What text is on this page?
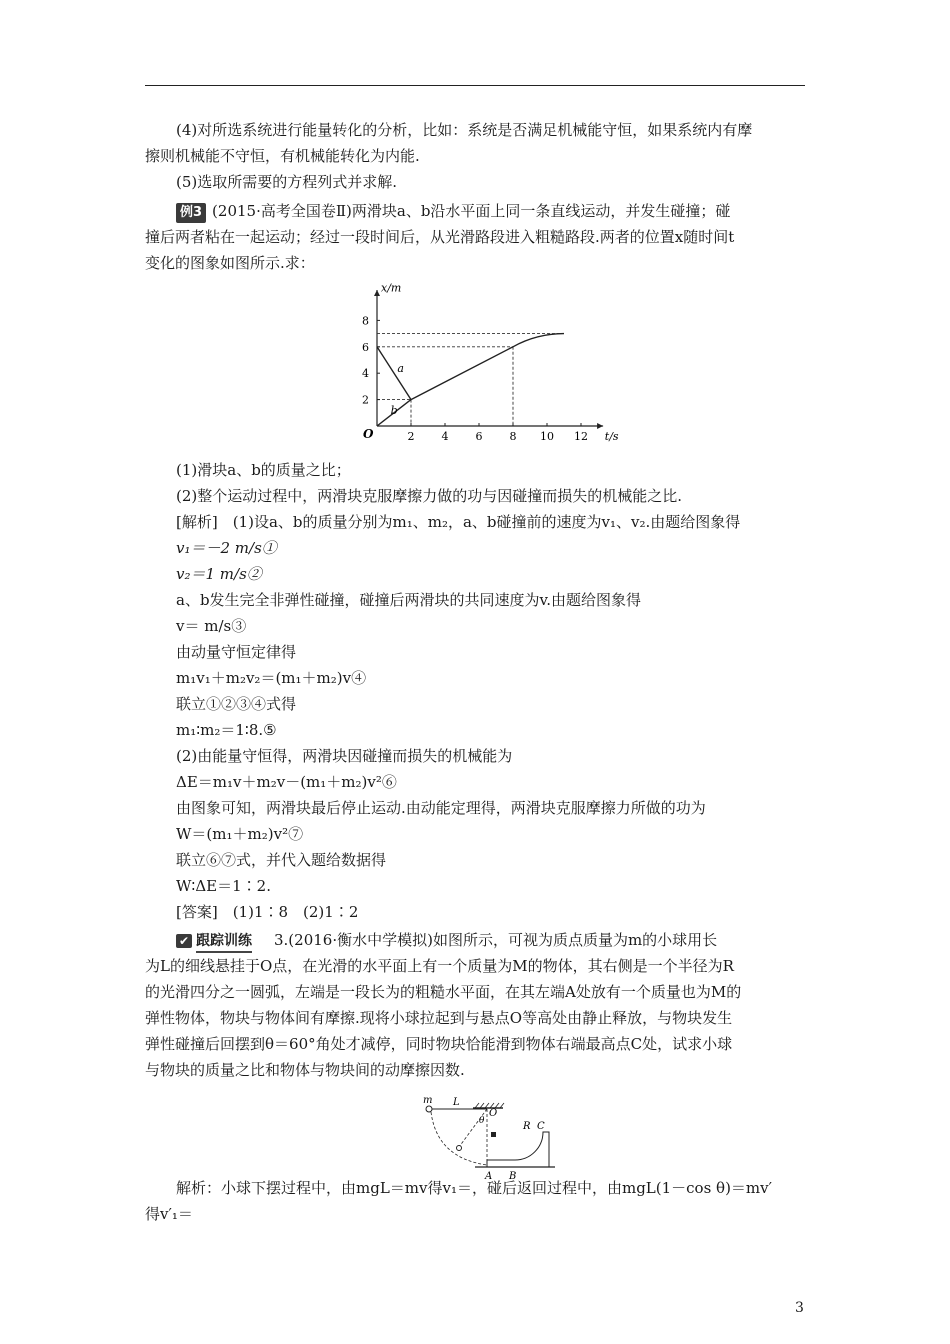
(4)对所选系统进行能量转化的分析，比如：系统是否满足机械能守恒，如果系统内有摩
擦则机械能不守恒，有机械能转化为内能.
(5)选取所需要的方程列式并求解.
例3 (2015·高考全国卷Ⅱ)两滑块a、b沿水平面上同一条直线运动，并发生碰撞；碰
撞后两者粘在一起运动；经过一段时间后，从光滑路段进入粗糙路段.两者的位置x随时间t
变化的图象如图所示.求：
2 4 6 8 10 12
2
4
6
8
t/s
x/m
O
a
b
(1)滑块a、b的质量之比；
(2)整个运动过程中，两滑块克服摩擦力做的功与因碰撞而损失的机械能之比.
[解析]　(1)设a、b的质量分别为m₁、m₂，a、b碰撞前的速度为v₁、v₂.由题给图象得
v₁＝－2 m/s①
v₂＝1 m/s②
a、b发生完全非弹性碰撞，碰撞后两滑块的共同速度为v.由题给图象得
v＝ m/s③
由动量守恒定律得
m₁v₁＋m₂v₂＝(m₁＋m₂)v④
联立①②③④式得
m₁∶m₂＝1∶8.⑤
(2)由能量守恒得，两滑块因碰撞而损失的机械能为
ΔE＝m₁v＋m₂v－(m₁＋m₂)v²⑥
由图象可知，两滑块最后停止运动.由动能定理得，两滑块克服摩擦力所做的功为
W＝(m₁＋m₂)v²⑦
联立⑥⑦式，并代入题给数据得
W∶ΔE＝1∶2.
[答案]　(1)1∶8　(2)1∶2
✔ 跟踪训练 3.(2016·衡水中学模拟)如图所示，可视为质点质量为m的小球用长
为L的细线悬挂于O点，在光滑的水平面上有一个质量为M的物体，其右侧是一个半径为R
的光滑四分之一圆弧，左端是一段长为的粗糙水平面，在其左端A处放有一个质量也为M的
弹性物体，物块与物体间有摩擦.现将小球拉起到与悬点O等高处由静止释放，与物块发生
弹性碰撞后回摆到θ＝60°角处才减停，同时物块恰能滑到物体右端最高点C处，试求小球
与物块的质量之比和物体与物块间的动摩擦因数.
m L
O
θ	R C
A B
解析：小球下摆过程中，由mgL＝mv得v₁＝，碰后返回过程中，由mgL(1－cos θ)＝mv′
得v′₁＝
3
